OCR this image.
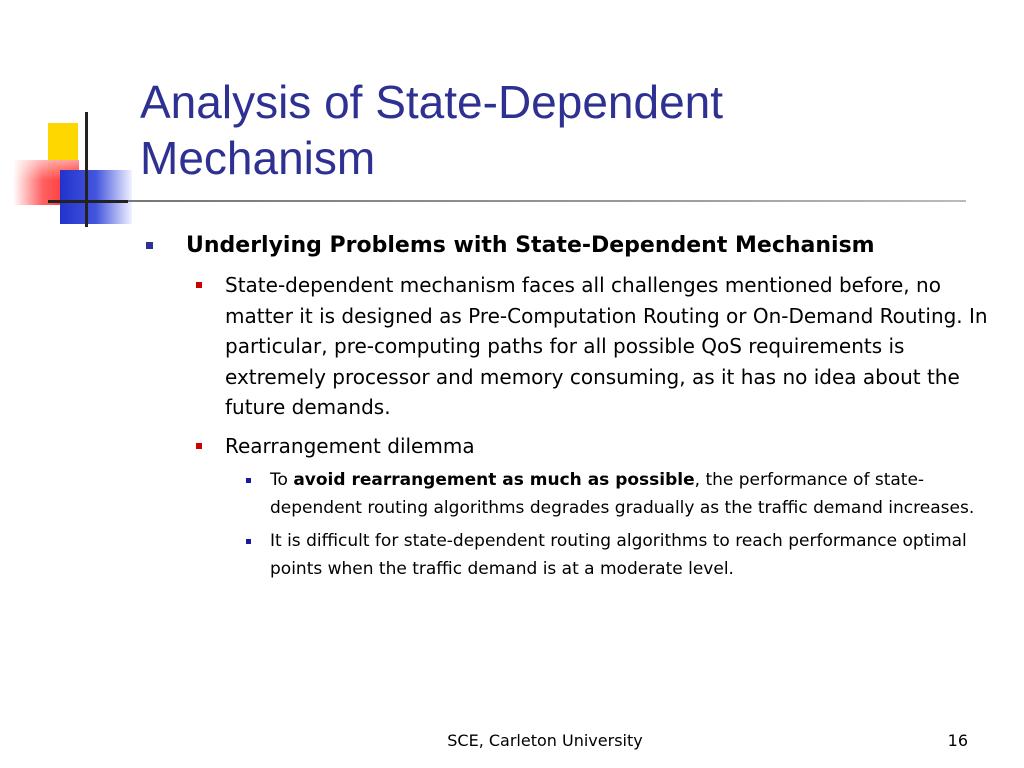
Analysis of State-Dependent
Mechanism
Underlying Problems with State-Dependent Mechanism
State-dependent mechanism faces all challenges mentioned before, no matter it is designed as Pre-Computation Routing or On-Demand Routing. In particular, pre-computing paths for all possible QoS requirements is extremely processor and memory consuming, as it has no idea about the future demands.
Rearrangement dilemma
To avoid rearrangement as much as possible, the performance of state-dependent routing algorithms degrades gradually as the traffic demand increases.
It is difficult for state-dependent routing algorithms to reach performance optimal points when the traffic demand is at a moderate level.
SCE, Carleton University	16
